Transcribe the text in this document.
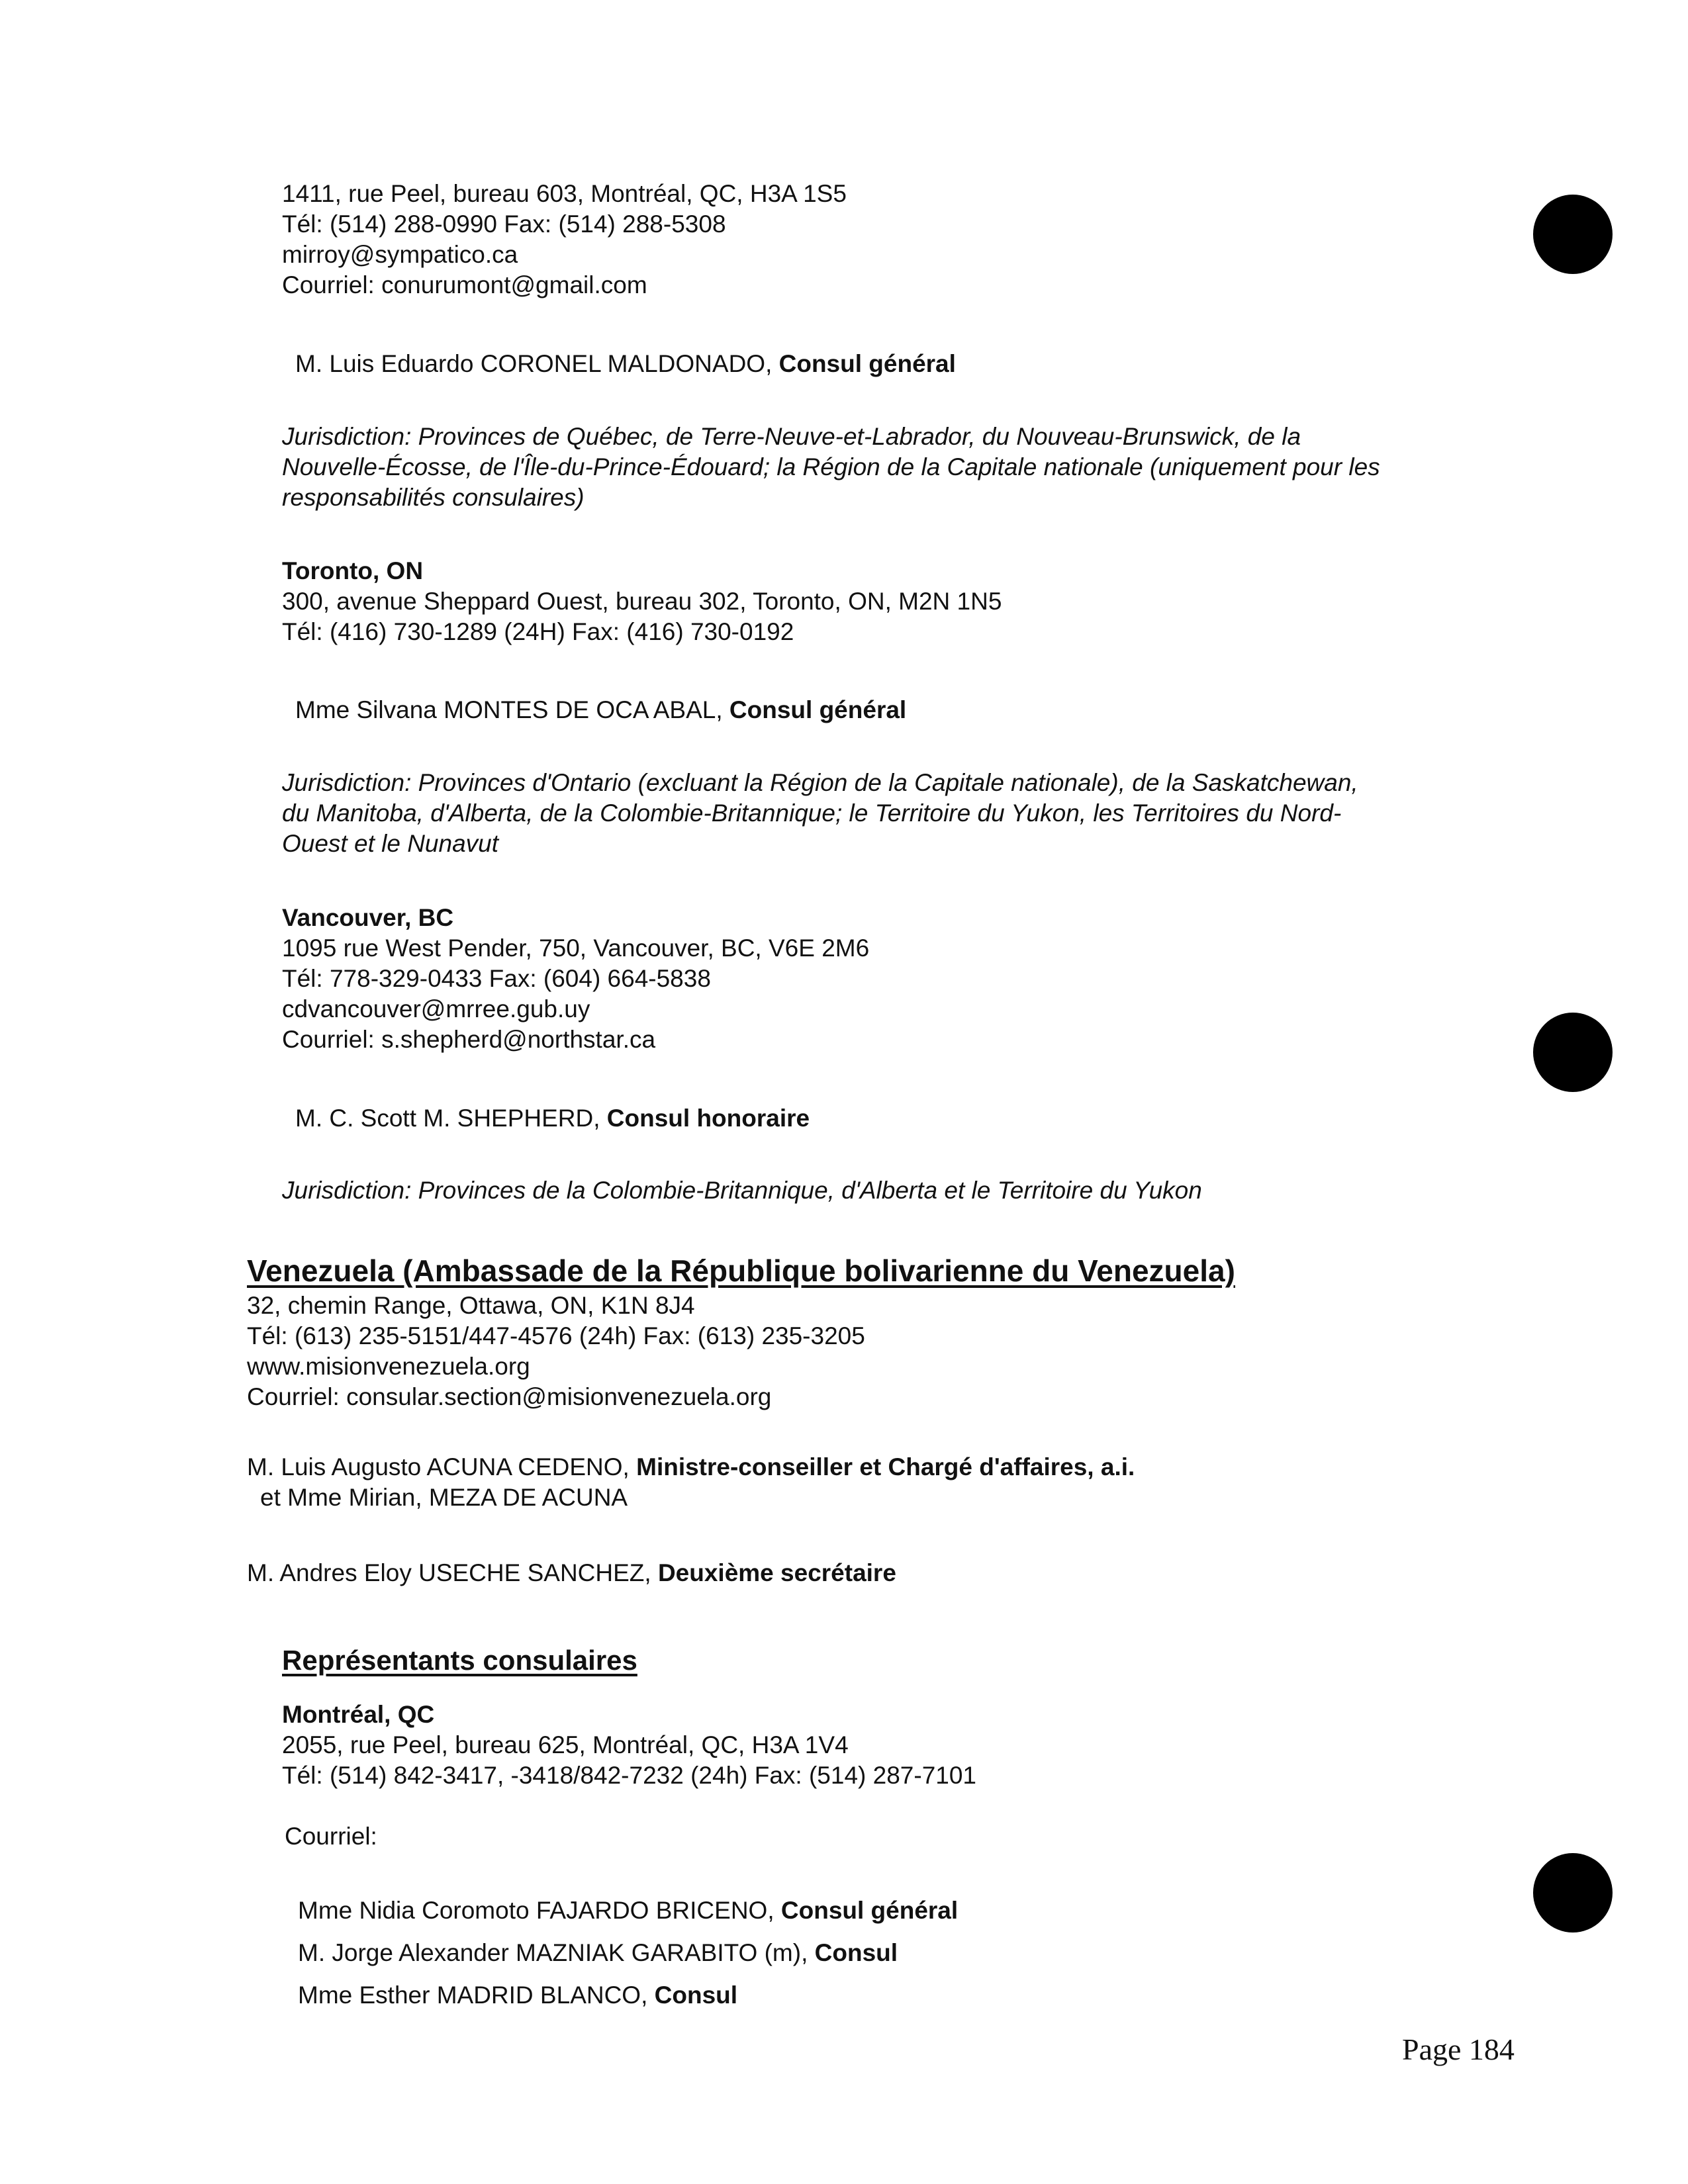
1411, rue Peel, bureau 603, Montréal, QC, H3A 1S5
Tél: (514) 288-0990 Fax: (514) 288-5308
mirroy@sympatico.ca
Courriel: conurumont@gmail.com
M. Luis Eduardo CORONEL MALDONADO, Consul général
Jurisdiction: Provinces de Québec, de Terre-Neuve-et-Labrador, du Nouveau-Brunswick, de la
Nouvelle-Écosse, de l'Île-du-Prince-Édouard; la Région de la Capitale nationale (uniquement pour les
responsabilités consulaires)
Toronto, ON
300, avenue Sheppard Ouest, bureau 302, Toronto, ON, M2N 1N5
Tél: (416) 730-1289 (24H) Fax: (416) 730-0192
Mme Silvana MONTES DE OCA ABAL, Consul général
Jurisdiction: Provinces d'Ontario (excluant la Région de la Capitale nationale), de la Saskatchewan,
du Manitoba, d'Alberta, de la Colombie-Britannique; le Territoire du Yukon, les Territoires du Nord-
Ouest et le Nunavut
Vancouver, BC
1095 rue West Pender, 750, Vancouver, BC, V6E 2M6
Tél: 778-329-0433 Fax: (604) 664-5838
cdvancouver@mrree.gub.uy
Courriel: s.shepherd@northstar.ca
M. C. Scott M. SHEPHERD, Consul honoraire
Jurisdiction: Provinces de la Colombie-Britannique, d'Alberta et le Territoire du Yukon
Venezuela (Ambassade de la République bolivarienne du Venezuela)
32, chemin Range, Ottawa, ON, K1N 8J4
Tél: (613) 235-5151/447-4576 (24h) Fax: (613) 235-3205
www.misionvenezuela.org
Courriel: consular.section@misionvenezuela.org
M. Luis Augusto ACUNA CEDENO, Ministre-conseiller et Chargé d'affaires, a.i.
et Mme Mirian, MEZA DE ACUNA
M. Andres Eloy USECHE SANCHEZ, Deuxième secrétaire
Représentants consulaires
Montréal, QC
2055, rue Peel, bureau 625, Montréal, QC, H3A 1V4
Tél: (514) 842-3417, -3418/842-7232 (24h) Fax: (514) 287-7101
Courriel:
Mme Nidia Coromoto FAJARDO BRICENO, Consul général
M. Jorge Alexander MAZNIAK GARABITO (m), Consul
Mme Esther MADRID BLANCO, Consul
Page 184
